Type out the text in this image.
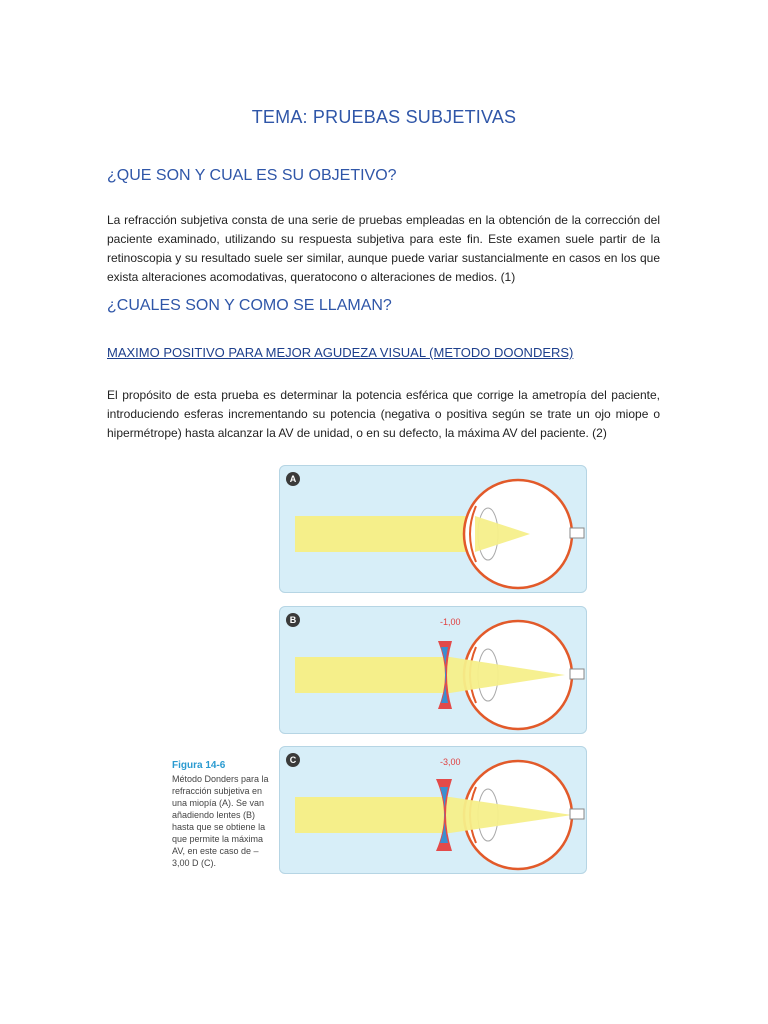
TEMA: PRUEBAS SUBJETIVAS
¿QUE SON Y CUAL ES SU OBJETIVO?
La refracción subjetiva consta de una serie de pruebas empleadas en la obtención de la corrección del paciente examinado, utilizando su respuesta subjetiva para este fin. Este examen suele partir de la retinoscopia y su resultado suele ser similar, aunque puede variar sustancialmente en casos en los que exista alteraciones acomodativas, queratocono o alteraciones de medios. (1)
¿CUALES SON Y COMO SE LLAMAN?
MAXIMO POSITIVO PARA MEJOR AGUDEZA VISUAL (METODO DOONDERS)
El propósito de esta prueba es determinar la potencia esférica que corrige la ametropía del paciente, introduciendo esferas incrementando su potencia (negativa o positiva según se trate un ojo miope o hipermétrope) hasta alcanzar la AV de unidad, o en su defecto, la máxima AV del paciente. (2)
A
B	-1,00
C	-3,00
Figura 14-6
Método Donders para la refracción subjetiva en una miopía (A). Se van añadiendo lentes (B) hasta que se obtiene la que permite la máxima AV, en este caso de –3,00 D (C).
